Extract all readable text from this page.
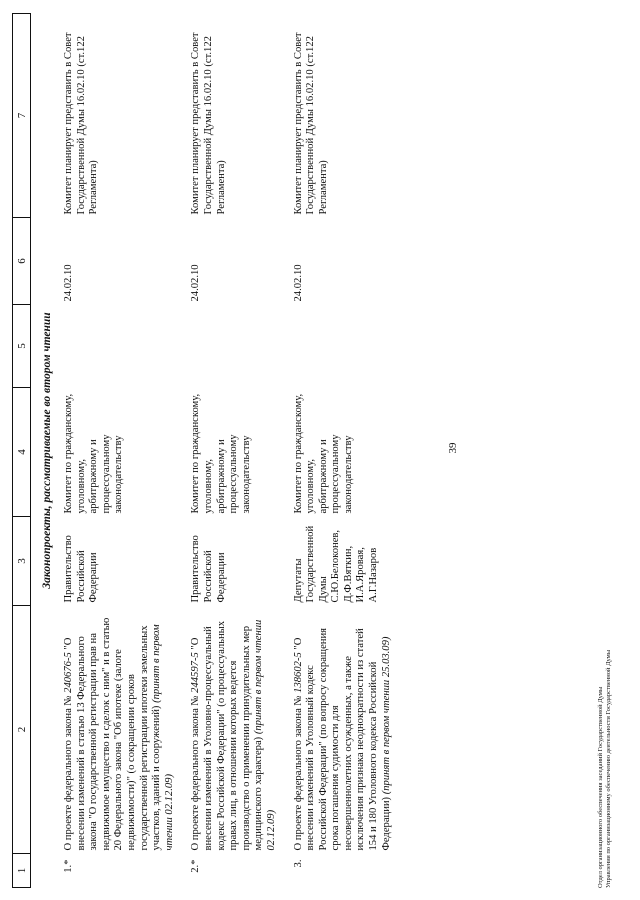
39
1	2	3	4	5	6	7
Законопроекты, рассматриваемые во втором чтении						
1.*	О проекте федерального закона № 240676-5 "О внесении изменений в статью 13 Федерального закона "О государственной регистрации прав на недвижимое имущество и сделок с ним" и в статью 20 Федерального закона "Об ипотеке (залоге недвижимости)" (о сокращении сроков государственной регистрации ипотеки земельных участков, зданий и сооружений) (принят в первом чтении 02.12.09)	Правительство Российской Федерации	Комитет по гражданскому, уголовному, арбитражному и процессуальному законодательству		24.02.10	Комитет планирует представить в Совет Государственной Думы 16.02.10 (ст.122 Регламента)
2.*	О проекте федерального закона № 244597-5 "О внесении изменений в Уголовно-процессуальный кодекс Российской Федерации" (о процессуальных правах лиц, в отношении которых ведется производство о применении принудительных мер медицинского характера) (принят в первом чтении 02.12.09)	Правительство Российской Федерации	Комитет по гражданскому, уголовному, арбитражному и процессуальному законодательству		24.02.10	Комитет планирует представить в Совет Государственной Думы 16.02.10 (ст.122 Регламента)
3.	О проекте федерального закона № 138602-5 "О внесении изменений в Уголовный кодекс Российской Федерации" (по вопросу сокращения срока погашения судимости для несовершеннолетних осужденных, а также исключения признака неоднократности из статей 154 и 180 Уголовного кодекса Российской Федерации) (принят в первом чтении 25.03.09)	Депутаты Государственной Думы С.Ю.Белоконев, Д.Ф.Вяткин, И.А.Яровая, А.Г.Назаров	Комитет по гражданскому, уголовному, арбитражному и процессуальному законодательству		24.02.10	Комитет планирует представить в Совет Государственной Думы 16.02.10 (ст.122 Регламента)
Отдел организационного обеспечения заседаний Государственной Думы Управления по организационному обеспечению деятельности Государственной Думы
